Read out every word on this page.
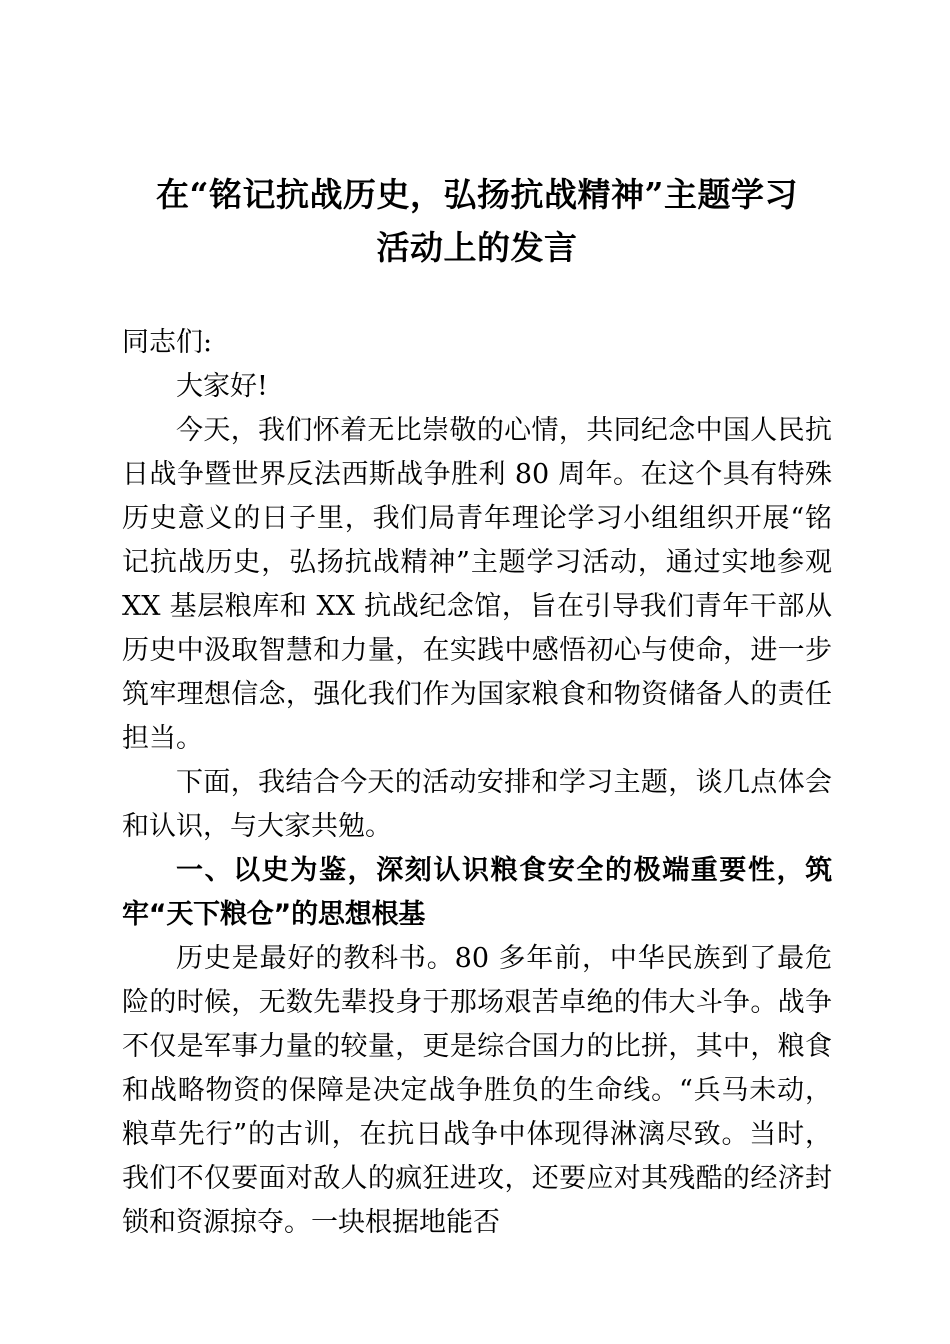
在“铭记抗战历史，弘扬抗战精神”主题学习
活动上的发言

同志们:

大家好!

今天，我们怀着无比崇敬的心情，共同纪念中国人民抗日战争暨世界反法西斯战争胜利 80 周年。在这个具有特殊历史意义的日子里，我们局青年理论学习小组组织开展“铭记抗战历史，弘扬抗战精神”主题学习活动，通过实地参观 XX 基层粮库和 XX 抗战纪念馆，旨在引导我们青年干部从历史中汲取智慧和力量，在实践中感悟初心与使命，进一步筑牢理想信念，强化我们作为国家粮食和物资储备人的责任担当。

下面，我结合今天的活动安排和学习主题，谈几点体会和认识，与大家共勉。

一、以史为鉴，深刻认识粮食安全的极端重要性，筑牢“天下粮仓”的思想根基

历史是最好的教科书。80 多年前，中华民族到了最危险的时候，无数先辈投身于那场艰苦卓绝的伟大斗争。战争不仅是军事力量的较量，更是综合国力的比拼，其中，粮食和战略物资的保障是决定战争胜负的生命线。“兵马未动，粮草先行”的古训，在抗日战争中体现得淋漓尽致。当时，我们不仅要面对敌人的疯狂进攻，还要应对其残酷的经济封锁和资源掠夺。一块根据地能否
